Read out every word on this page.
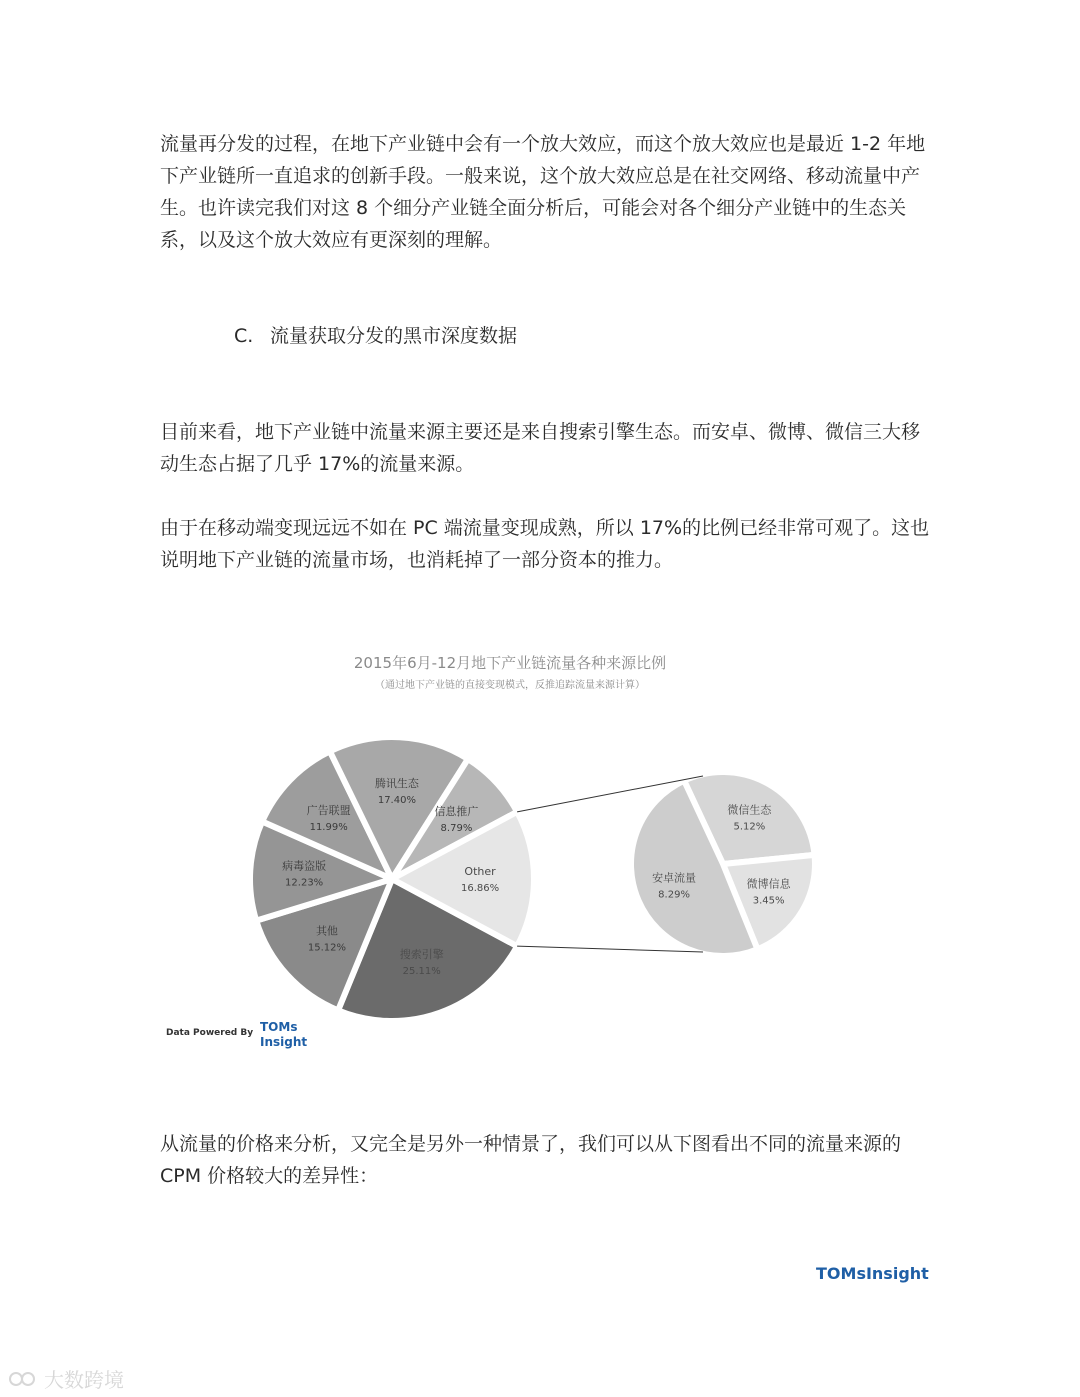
流量再分发的过程，在地下产业链中会有一个放大效应，而这个放大效应也是最近 1-2 年地下产业链所一直追求的创新手段。一般来说，这个放大效应总是在社交网络、移动流量中产生。也许读完我们对这 8 个细分产业链全面分析后，可能会对各个细分产业链中的生态关系，以及这个放大效应有更深刻的理解。

C. 流量获取分发的黑市深度数据

目前来看，地下产业链中流量来源主要还是来自搜索引擎生态。而安卓、微博、微信三大移动生态占据了几乎 17%的流量来源。

由于在移动端变现远远不如在 PC 端流量变现成熟，所以 17%的比例已经非常可观了。这也说明地下产业链的流量市场，也消耗掉了一部分资本的推力。

2015年6月-12月地下产业链流量各种来源比例
（通过地下产业链的直接变现模式，反推追踪流量来源计算）
搜索引擎
25.11%
其他
15.12%
病毒盗版
12.23%
广告联盟
11.99%
腾讯生态
17.40%
信息推广
8.79%
Other
16.86%
微信生态
5.12%
微博信息
3.45%
安卓流量
8.29%
Data Powered By TOMs
Insight

从流量的价格来分析，又完全是另外一种情景了，我们可以从下图看出不同的流量来源的 CPM 价格较大的差异性：

TOMsInsight
大数跨境
